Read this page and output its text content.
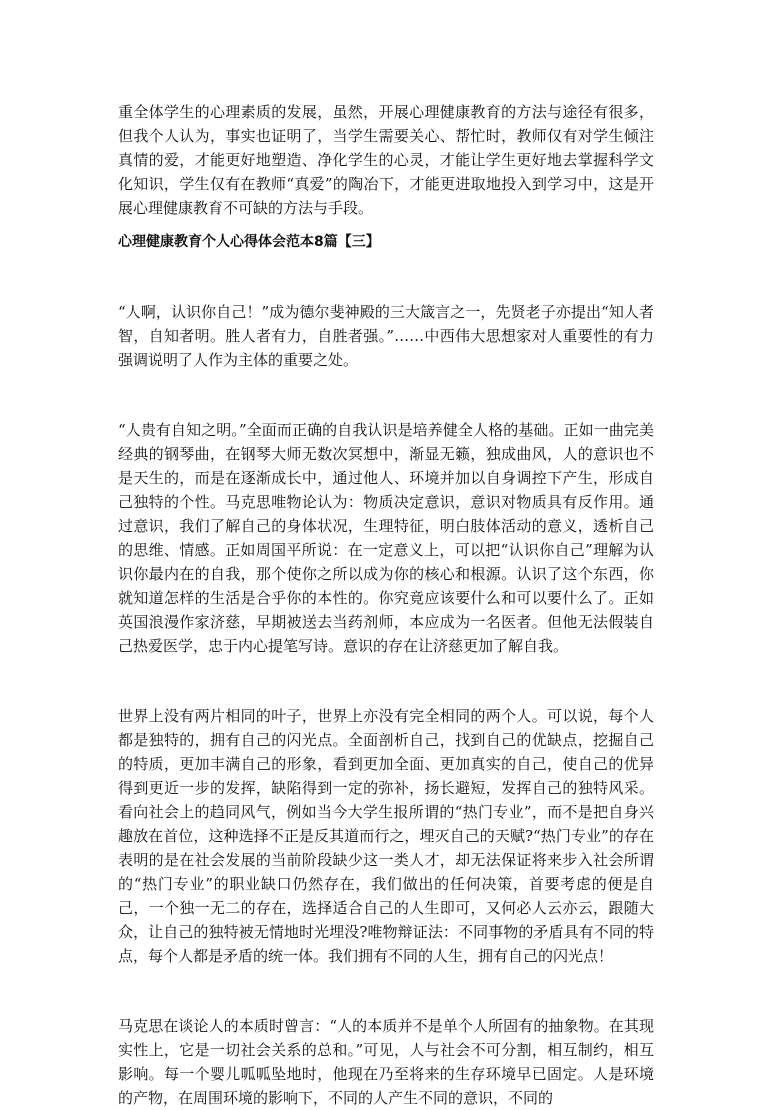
重全体学生的心理素质的发展，虽然，开展心理健康教育的方法与途径有很多，但我个人认为，事实也证明了，当学生需要关心、帮忙时，教师仅有对学生倾注真情的爱，才能更好地塑造、净化学生的心灵，才能让学生更好地去掌握科学文化知识，学生仅有在教师“真爱”的陶冶下，才能更进取地投入到学习中，这是开展心理健康教育不可缺的方法与手段。

心理健康教育个人心得体会范本8篇【三】

“人啊，认识你自己！”成为德尔斐神殿的三大箴言之一，先贤老子亦提出“知人者智，自知者明。胜人者有力，自胜者强。”……中西伟大思想家对人重要性的有力强调说明了人作为主体的重要之处。

“人贵有自知之明。”全面而正确的自我认识是培养健全人格的基础。正如一曲完美经典的钢琴曲，在钢琴大师无数次冥想中，渐显无籁，独成曲风，人的意识也不是天生的，而是在逐渐成长中，通过他人、环境并加以自身调控下产生，形成自己独特的个性。马克思唯物论认为：物质决定意识，意识对物质具有反作用。通过意识，我们了解自己的身体状况，生理特征，明白肢体活动的意义，透析自己的思维、情感。正如周国平所说：在一定意义上，可以把“认识你自己”理解为认识你最内在的自我，那个使你之所以成为你的核心和根源。认识了这个东西，你就知道怎样的生活是合乎你的本性的。你究竟应该要什么和可以要什么了。正如英国浪漫作家济慈，早期被送去当药剂师，本应成为一名医者。但他无法假装自己热爱医学，忠于内心提笔写诗。意识的存在让济慈更加了解自我。

世界上没有两片相同的叶子，世界上亦没有完全相同的两个人。可以说，每个人都是独特的，拥有自己的闪光点。全面剖析自己，找到自己的优缺点，挖掘自己的特质，更加丰满自己的形象，看到更加全面、更加真实的自己，使自己的优异得到更近一步的发挥，缺陷得到一定的弥补，扬长避短，发挥自己的独特风采。看向社会上的趋同风气，例如当今大学生报所谓的“热门专业”，而不是把自身兴趣放在首位，这种选择不正是反其道而行之，埋灭自己的天赋?“热门专业”的存在表明的是在社会发展的当前阶段缺少这一类人才，却无法保证将来步入社会所谓的“热门专业”的职业缺口仍然存在，我们做出的任何决策，首要考虑的便是自己，一个独一无二的存在，选择适合自己的人生即可，又何必人云亦云，跟随大众，让自己的独特被无情地时光埋没?唯物辩证法：不同事物的矛盾具有不同的特点，每个人都是矛盾的统一体。我们拥有不同的人生，拥有自己的闪光点！

马克思在谈论人的本质时曾言：“人的本质并不是单个人所固有的抽象物。在其现实性上，它是一切社会关系的总和。”可见，人与社会不可分割，相互制约，相互影响。每一个婴儿呱呱坠地时，他现在乃至将来的生存环境早已固定。人是环境的产物，在周围环境的影响下，不同的人产生不同的意识，不同的
